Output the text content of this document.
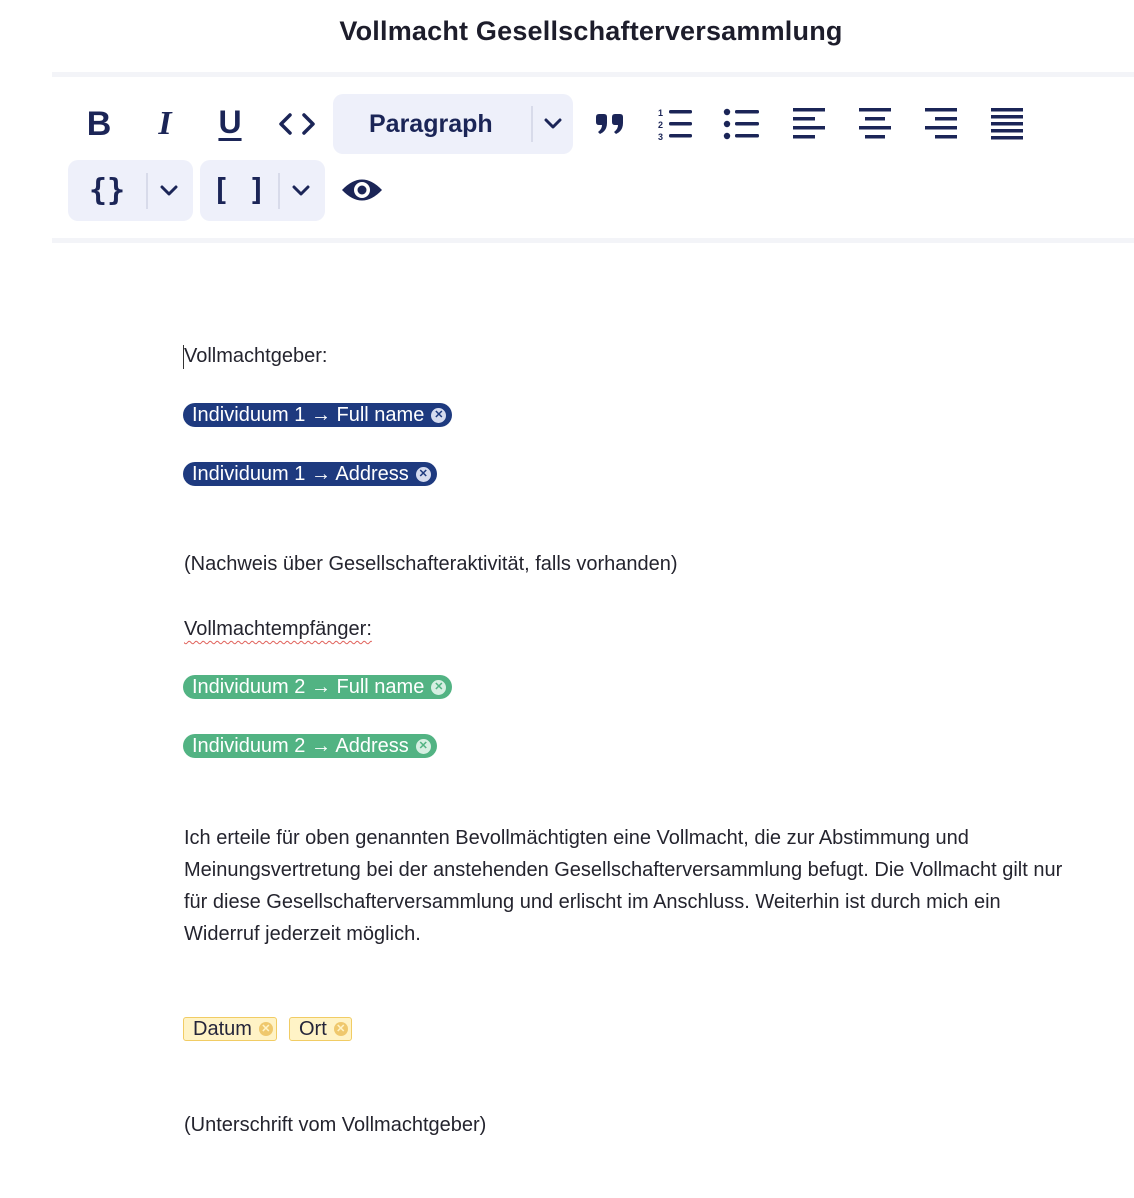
Vollmacht Gesellschafterversammlung
B	I	U	Paragraph	1
2
3
{}	[ ]
Vollmachtgeber:
Individuum 1 → Full name ✕
Individuum 1 → Address ✕
(Nachweis über Gesellschafteraktivität, falls vorhanden)
Vollmachtempfänger:
Individuum 2 → Full name ✕
Individuum 2 → Address ✕
Ich erteile für oben genannten Bevollmächtigten eine Vollmacht, die zur Abstimmung und Meinungsvertretung bei der anstehenden Gesellschafterversammlung befugt. Die Vollmacht gilt nur für diese Gesellschafterversammlung und erlischt im Anschluss. Weiterhin ist durch mich ein Widerruf jederzeit möglich.
Datum ✕ Ort ✕
(Unterschrift vom Vollmachtgeber)
